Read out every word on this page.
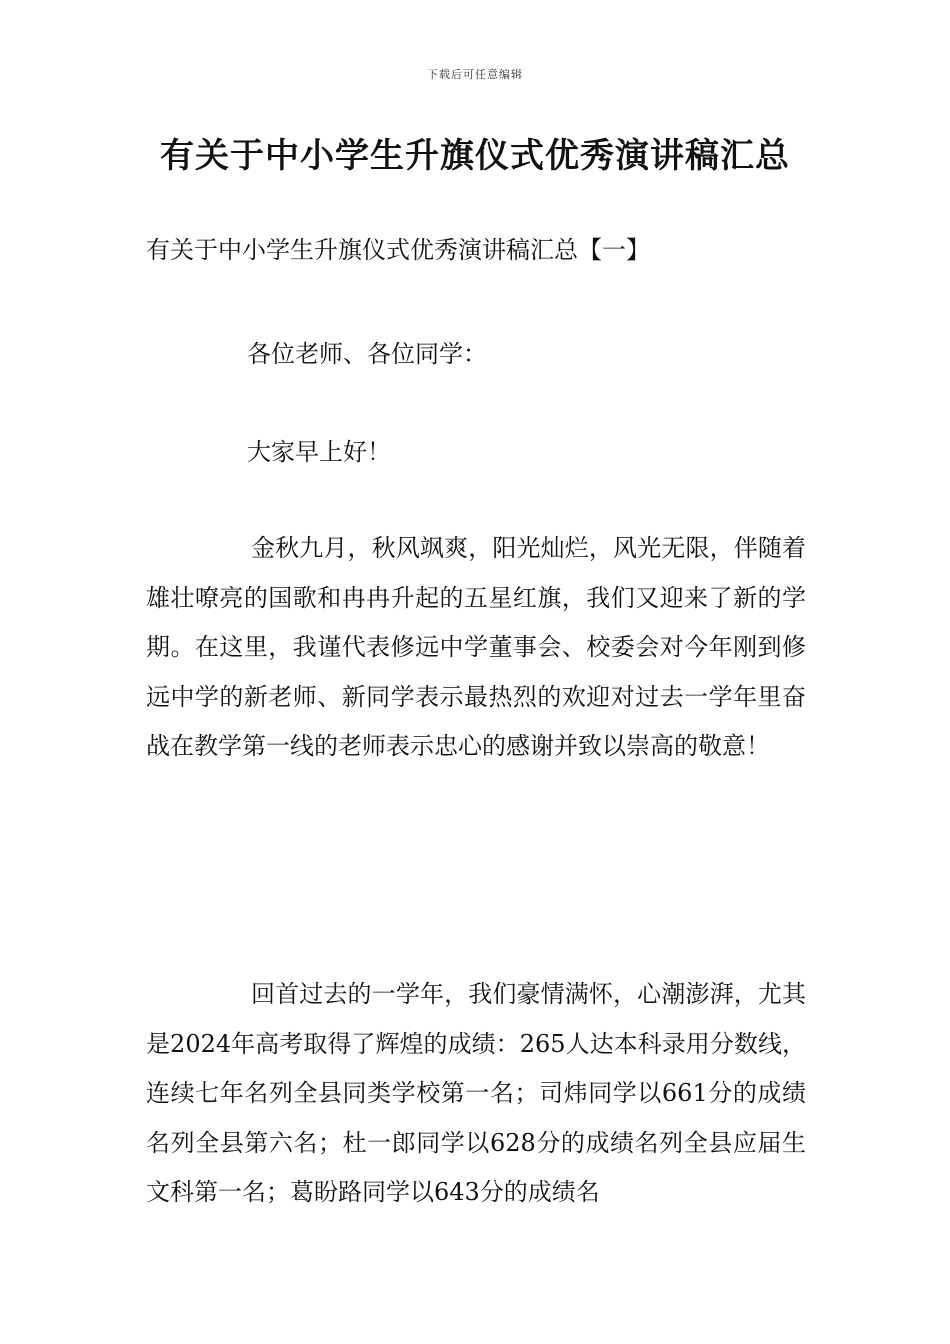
下载后可任意编辑
有关于中小学生升旗仪式优秀演讲稿汇总
有关于中小学生升旗仪式优秀演讲稿汇总【一】

各位老师、各位同学：

大家早上好！

金秋九月，秋风飒爽，阳光灿烂，风光无限，伴随着雄壮嘹亮的国歌和冉冉升起的五星红旗，我们又迎来了新的学期。在这里，我谨代表修远中学董事会、校委会对今年刚到修远中学的新老师、新同学表示最热烈的欢迎对过去一学年里奋战在教学第一线的老师表示忠心的感谢并致以崇高的敬意！

回首过去的一学年，我们豪情满怀，心潮澎湃，尤其是2024年高考取得了辉煌的成绩：265人达本科录用分数线，连续七年名列全县同类学校第一名；司炜同学以661分的成绩名列全县第六名；杜一郎同学以628分的成绩名列全县应届生文科第一名；葛盼路同学以643分的成绩名
